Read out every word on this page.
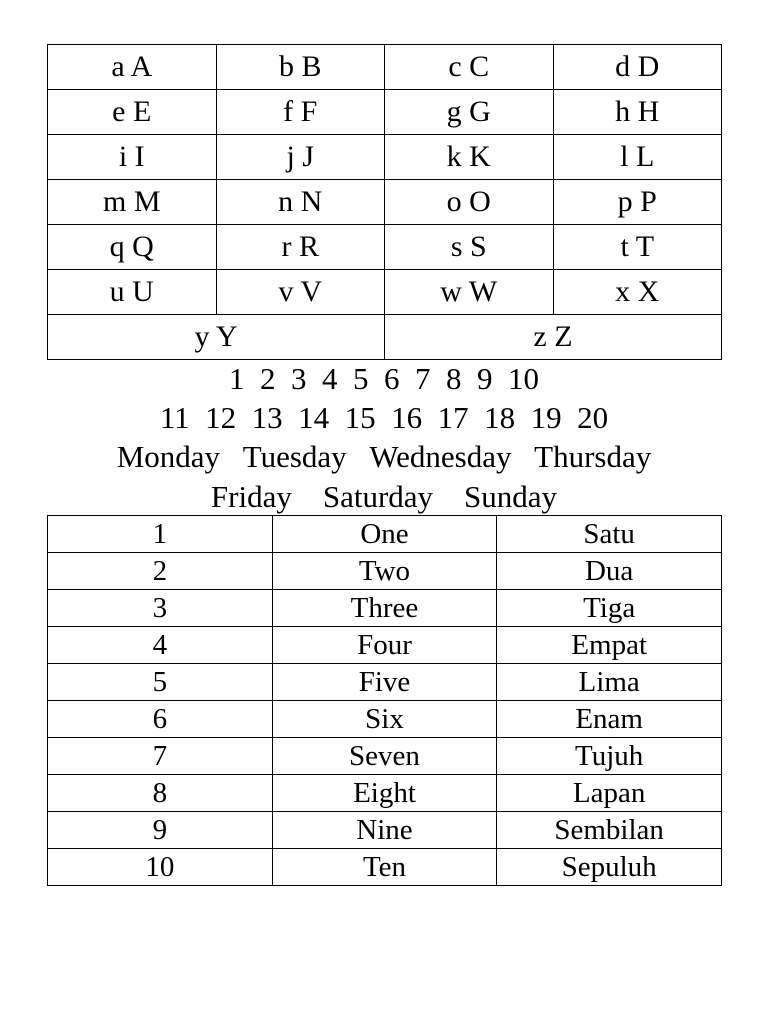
a A	b B	c C	d D
e E	f F	g G	h H
i I	j J	k K	l L
m M	n N	o O	p P
q Q	r R	s S	t T
u U	v V	w W	x X
y Y		z Z	
1  2  3  4  5  6  7  8  9  10
11  12  13  14  15  16  17  18  19  20
Monday   Tuesday   Wednesday   Thursday
Friday    Saturday    Sunday
1	One	Satu
2	Two	Dua
3	Three	Tiga
4	Four	Empat
5	Five	Lima
6	Six	Enam
7	Seven	Tujuh
8	Eight	Lapan
9	Nine	Sembilan
10	Ten	Sepuluh
